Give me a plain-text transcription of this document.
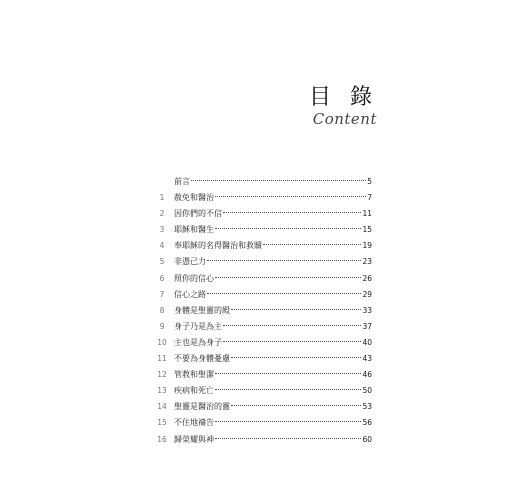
目 錄
Content
前言	5
1	赦免和醫治	7
2	因你們的不信	11
3	耶穌和醫生	15
4	奉耶穌的名得醫治和救贖	19
5	非憑己力	23
6	照你的信心	26
7	信心之路	29
8	身體是聖靈的殿	33
9	身子乃是為主	37
10 主也是為身子	40
11 不要為身體憂慮	43
12 管教和聖潔	46
13 疾病和死亡	50
14 聖靈是醫治的靈	53
15 不住地禱告	56
16 歸榮耀與神	60
